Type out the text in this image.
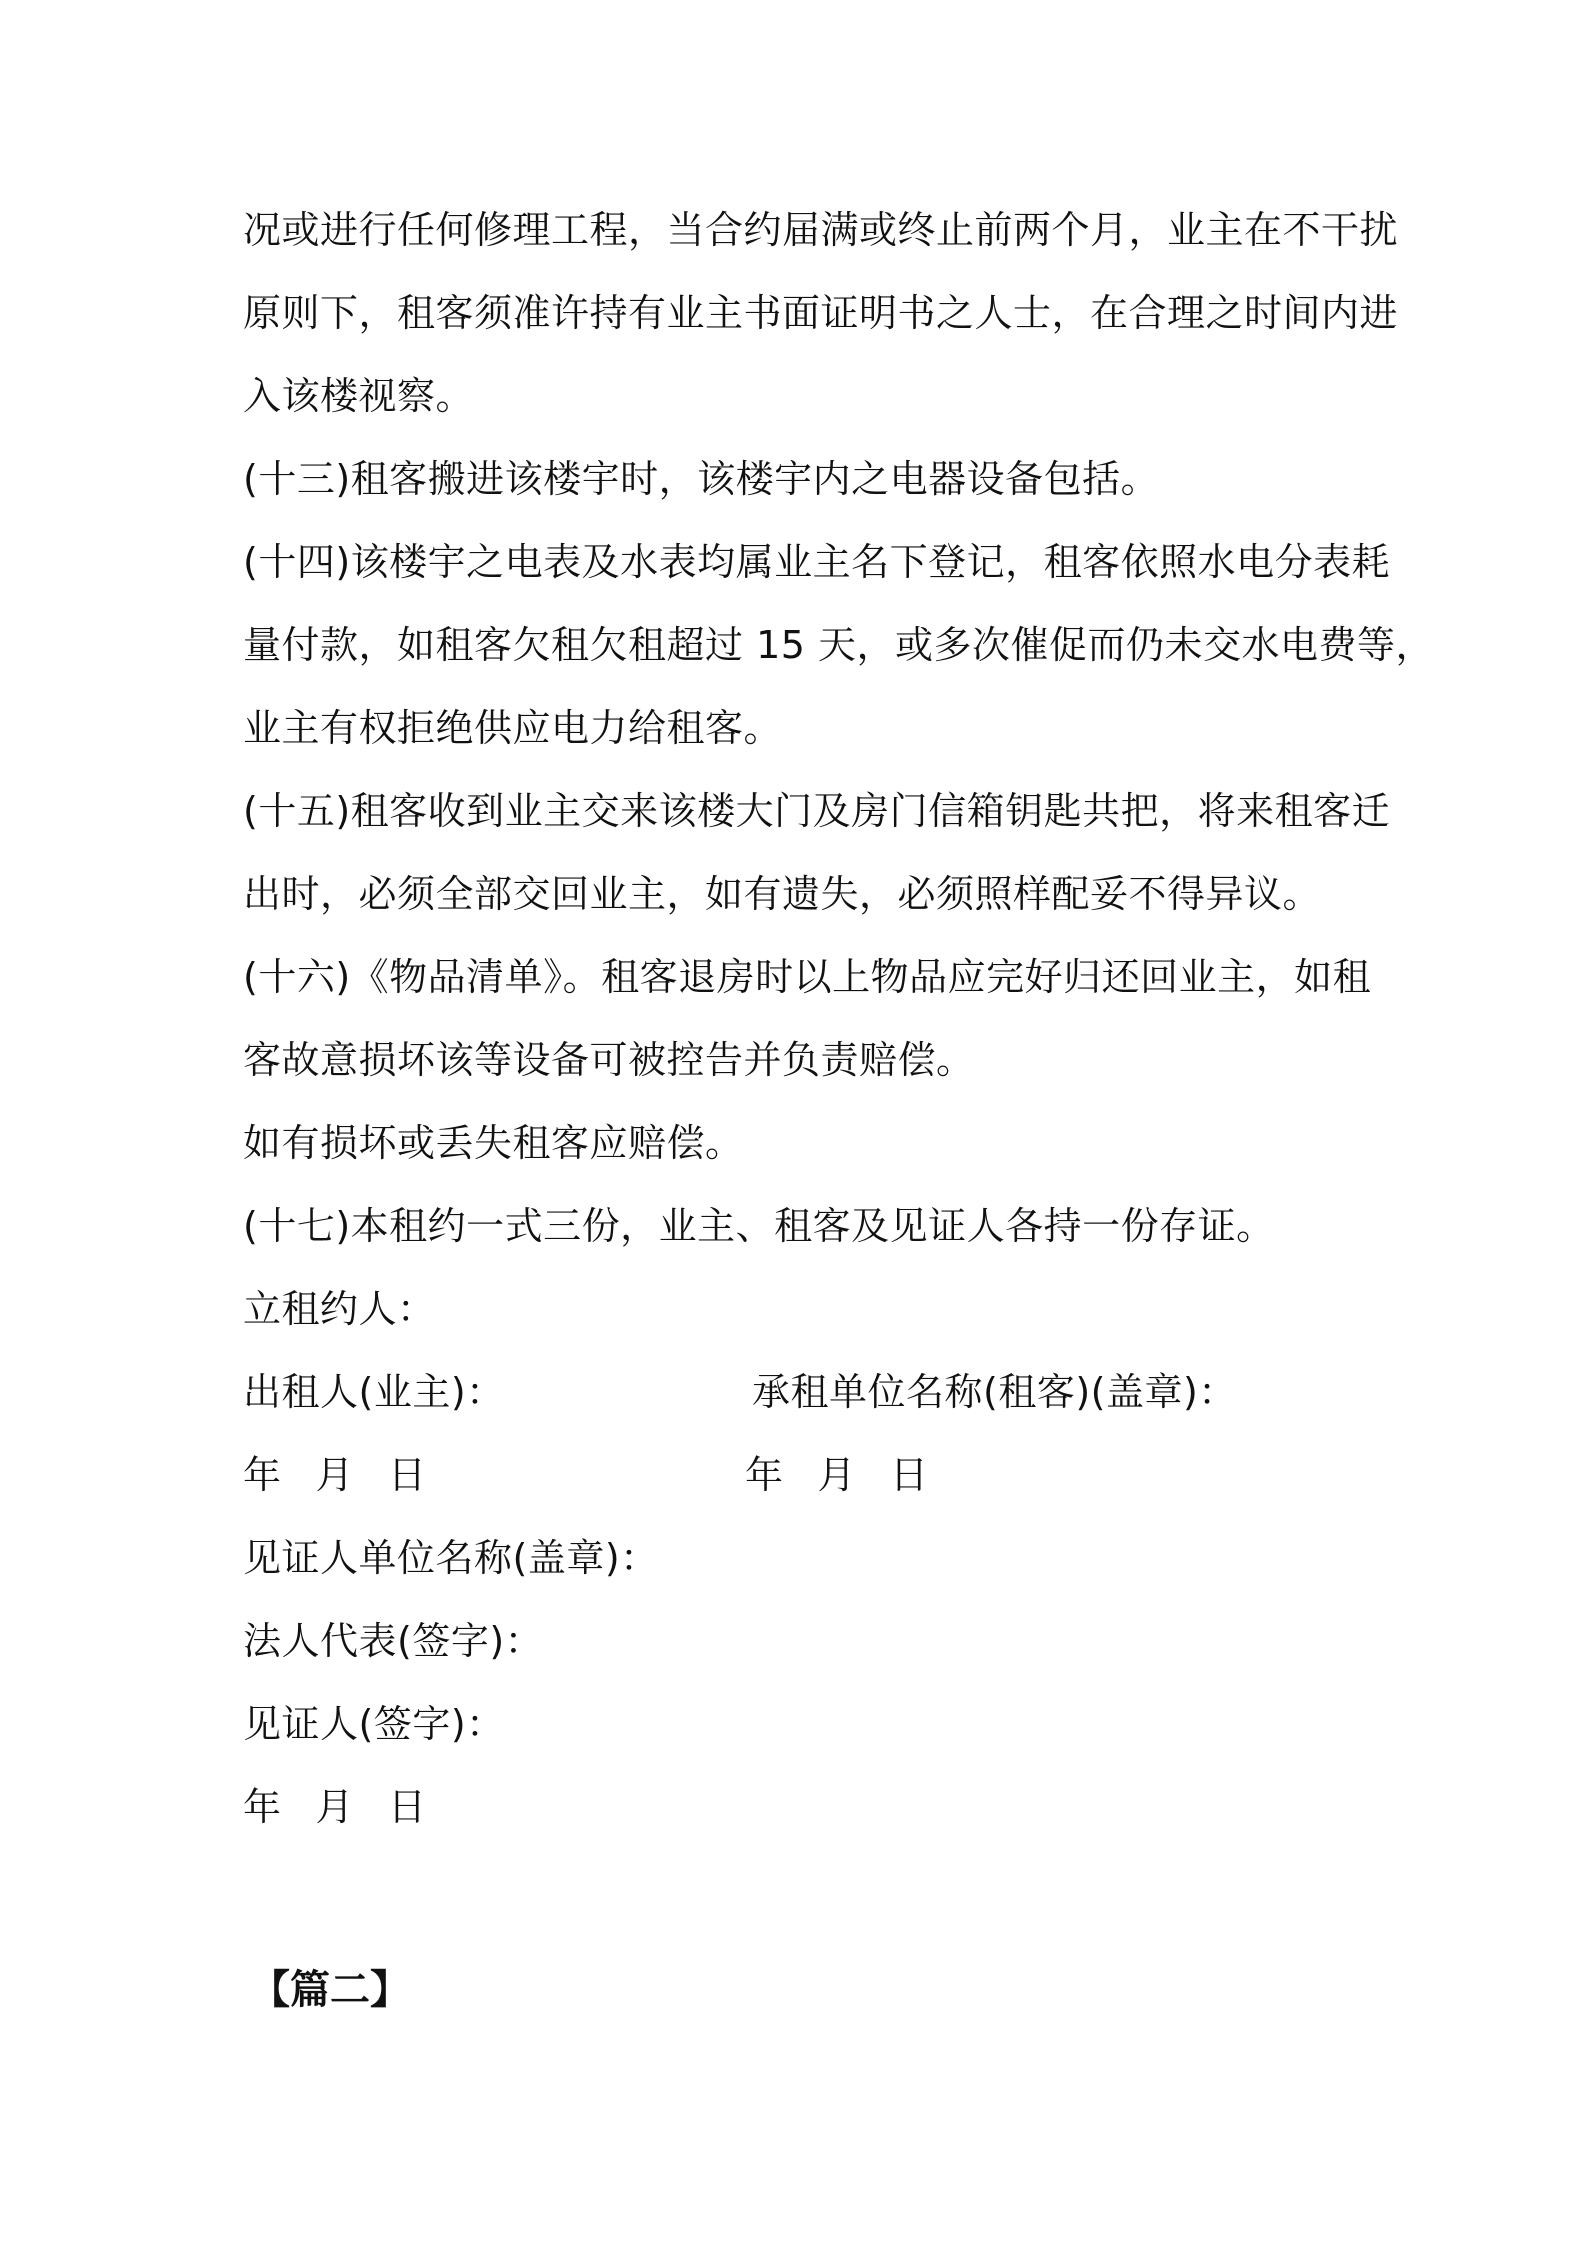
况或进行任何修理工程，当合约届满或终止前两个月，业主在不干扰
原则下，租客须准许持有业主书面证明书之人士，在合理之时间内进
入该楼视察。
(十三)租客搬进该楼宇时，该楼宇内之电器设备包括。
(十四)该楼宇之电表及水表均属业主名下登记，租客依照水电分表耗
量付款，如租客欠租欠租超过 15 天，或多次催促而仍未交水电费等，
业主有权拒绝供应电力给租客。
(十五)租客收到业主交来该楼大门及房门信箱钥匙共把，将来租客迁
出时，必须全部交回业主，如有遗失，必须照样配妥不得异议。
(十六)《物品清单》。租客退房时以上物品应完好归还回业主，如租
客故意损坏该等设备可被控告并负责赔偿。
如有损坏或丢失租客应赔偿。
(十七)本租约一式三份，业主、租客及见证人各持一份存证。
立租约人：
出租人(业主)：	承租单位名称(租客)(盖章)：
年 月 日	年 月 日
见证人单位名称(盖章)：
法人代表(签字)：
见证人(签字)：
年 月 日
【篇二】
